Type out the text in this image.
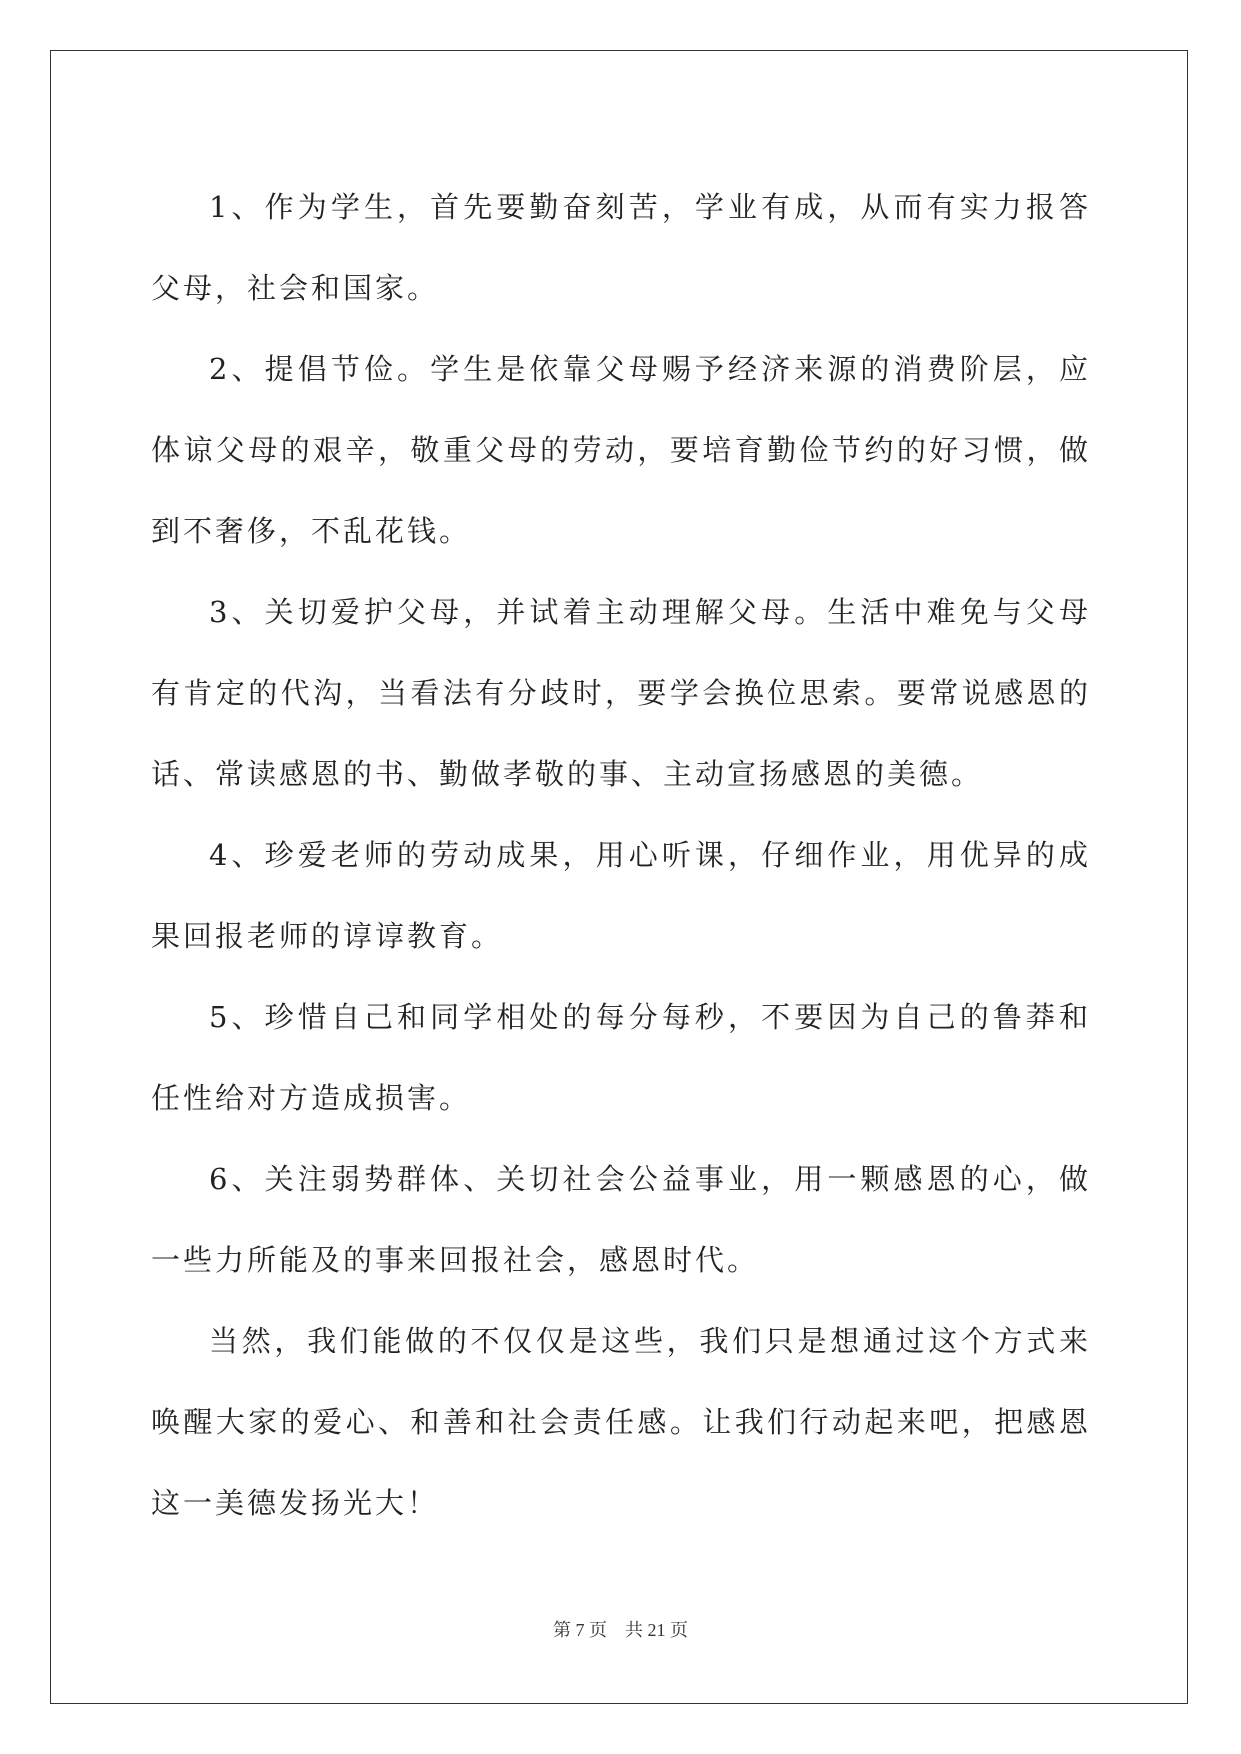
1、作为学生，首先要勤奋刻苦，学业有成，从而有实力报答父母，社会和国家。

2、提倡节俭。学生是依靠父母赐予经济来源的消费阶层，应体谅父母的艰辛，敬重父母的劳动，要培育勤俭节约的好习惯，做到不奢侈，不乱花钱。

3、关切爱护父母，并试着主动理解父母。生活中难免与父母有肯定的代沟，当看法有分歧时，要学会换位思索。要常说感恩的话、常读感恩的书、勤做孝敬的事、主动宣扬感恩的美德。

4、珍爱老师的劳动成果，用心听课，仔细作业，用优异的成果回报老师的谆谆教育。

5、珍惜自己和同学相处的每分每秒，不要因为自己的鲁莽和任性给对方造成损害。

6、关注弱势群体、关切社会公益事业，用一颗感恩的心，做一些力所能及的事来回报社会，感恩时代。

当然，我们能做的不仅仅是这些，我们只是想通过这个方式来唤醒大家的爱心、和善和社会责任感。让我们行动起来吧，把感恩这一美德发扬光大！

第 7 页　共 21 页
